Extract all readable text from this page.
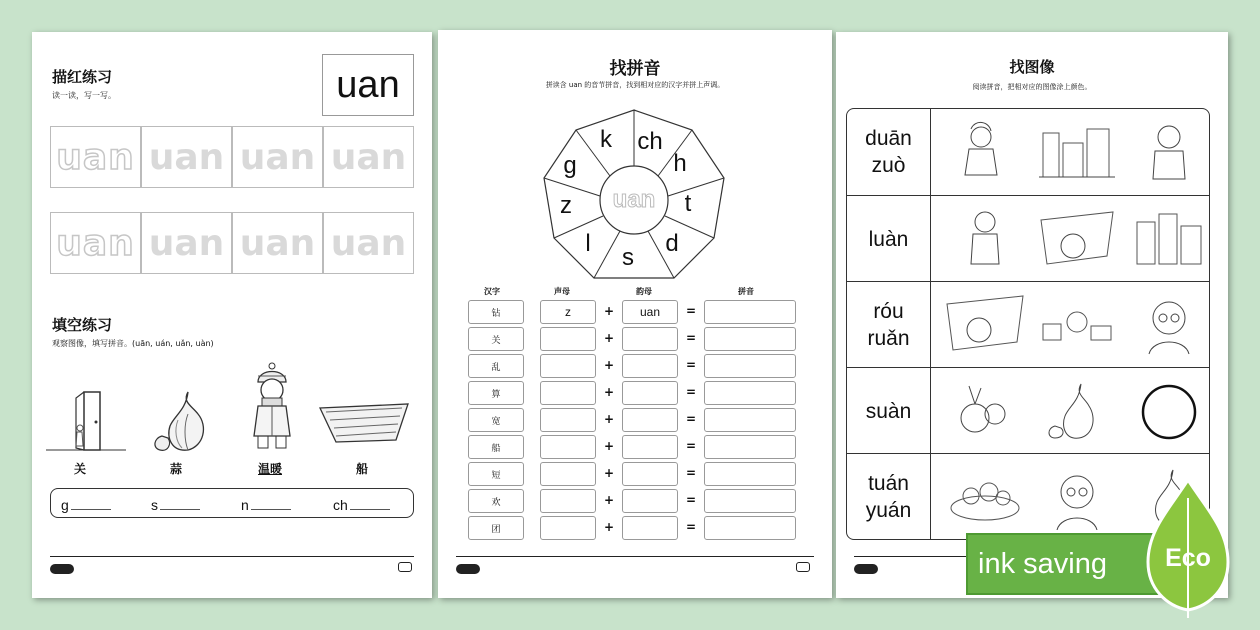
描红练习
读一读，写一写。	uan
uan uan uan uan
uan uan uan uan
填空练习
观察图像，填写拼音。(uān, uán, uǎn, uàn)
关	蒜	温暖	船
g	s	n	ch
找拼音
拼读含 uan 的音节拼音，找到相对应的汉字并拼上声调。
uan
k	ch
h
t
d
s
l
z
g
汉字	声母	韵母	拼音
钻	z	+	uan	=
关	+	=
乱	+	=
算	+	=
宽	+	=
船	+	=
短	+	=
欢	+	=
团	+	=
找图像
阅读拼音，把相对应的图像涂上颜色。
duān
zuò
luàn
róu
ruǎn
suàn
tuán
yuán
ink saving	Eco
